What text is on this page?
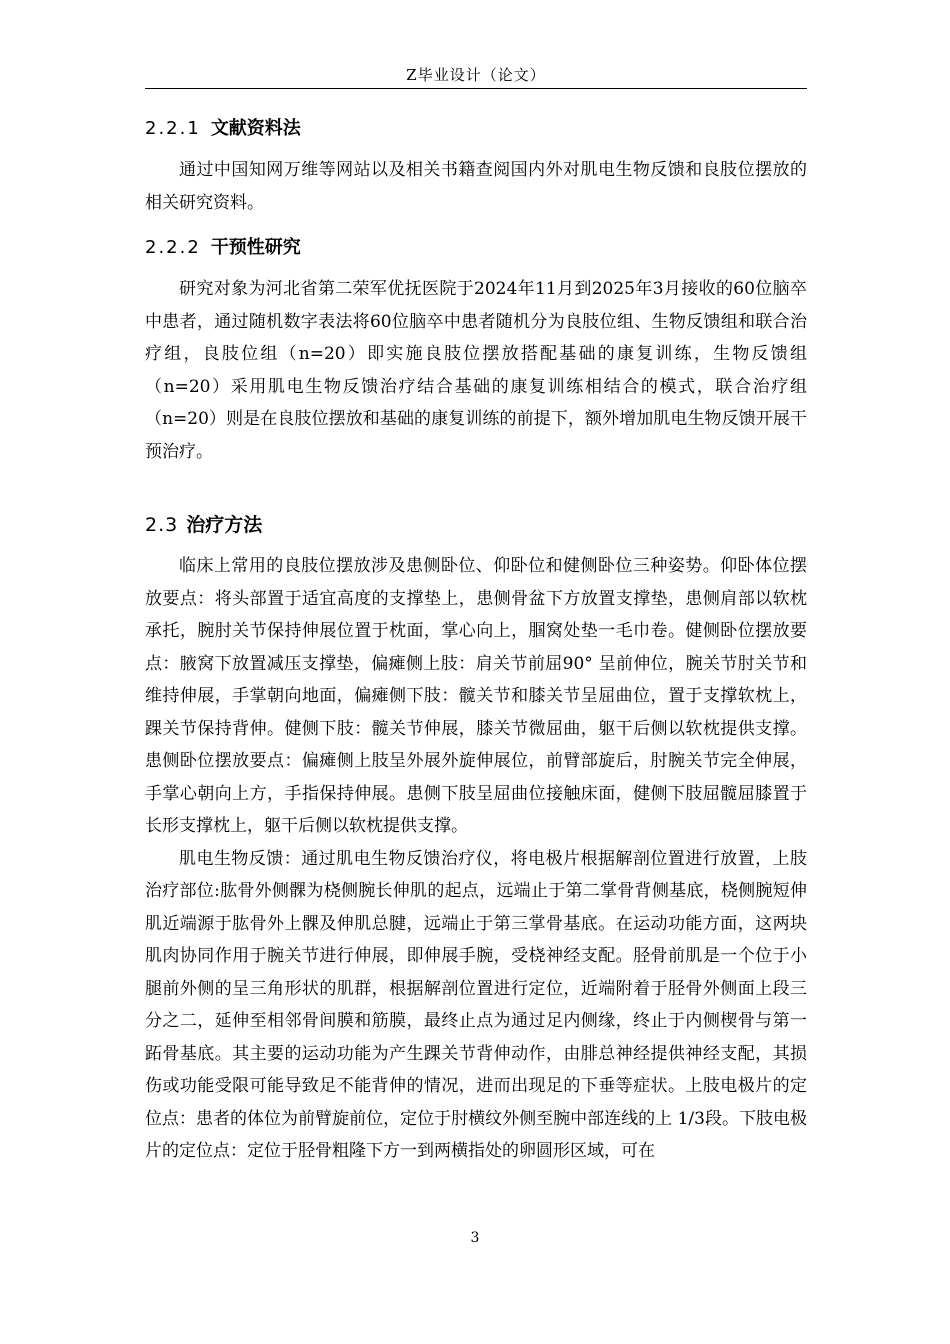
Z毕业设计（论文）
2.2.1 文献资料法

通过中国知网万维等网站以及相关书籍查阅国内外对肌电生物反馈和良肢位摆放的相关研究资料。

2.2.2 干预性研究

研究对象为河北省第二荣军优抚医院于2024年11月到2025年3月接收的60位脑卒中患者，通过随机数字表法将60位脑卒中患者随机分为良肢位组、生物反馈组和联合治疗组，良肢位组（n=20）即实施良肢位摆放搭配基础的康复训练，生物反馈组（n=20）采用肌电生物反馈治疗结合基础的康复训练相结合的模式，联合治疗组（n=20）则是在良肢位摆放和基础的康复训练的前提下，额外增加肌电生物反馈开展干预治疗。

2.3 治疗方法

临床上常用的良肢位摆放涉及患侧卧位、仰卧位和健侧卧位三种姿势。仰卧体位摆放要点：将头部置于适宜高度的支撑垫上，患侧骨盆下方放置支撑垫，患侧肩部以软枕承托，腕肘关节保持伸展位置于枕面，掌心向上，腘窝处垫一毛巾卷。健侧卧位摆放要点：腋窝下放置减压支撑垫，偏瘫侧上肢：肩关节前屈90° 呈前伸位，腕关节肘关节和维持伸展，手掌朝向地面，偏瘫侧下肢：髋关节和膝关节呈屈曲位，置于支撑软枕上，踝关节保持背伸。健侧下肢：髋关节伸展，膝关节微屈曲，躯干后侧以软枕提供支撑。患侧卧位摆放要点：偏瘫侧上肢呈外展外旋伸展位，前臂部旋后，肘腕关节完全伸展，手掌心朝向上方，手指保持伸展。患侧下肢呈屈曲位接触床面，健侧下肢屈髋屈膝置于长形支撑枕上，躯干后侧以软枕提供支撑。

肌电生物反馈：通过肌电生物反馈治疗仪，将电极片根据解剖位置进行放置，上肢治疗部位:肱骨外侧髁为桡侧腕长伸肌的起点，远端止于第二掌骨背侧基底，桡侧腕短伸肌近端源于肱骨外上髁及伸肌总腱，远端止于第三掌骨基底。在运动功能方面，这两块肌肉协同作用于腕关节进行伸展，即伸展手腕，受桡神经支配。胫骨前肌是一个位于小腿前外侧的呈三角形状的肌群，根据解剖位置进行定位，近端附着于胫骨外侧面上段三分之二，延伸至相邻骨间膜和筋膜，最终止点为通过足内侧缘，终止于内侧楔骨与第一跖骨基底。其主要的运动功能为产生踝关节背伸动作，由腓总神经提供神经支配，其损伤或功能受限可能导致足不能背伸的情况，进而出现足的下垂等症状。上肢电极片的定位点：患者的体位为前臂旋前位，定位于肘横纹外侧至腕中部连线的上 1/3段。下肢电极片的定位点：定位于胫骨粗隆下方一到两横指处的卵圆形区域，可在

3
